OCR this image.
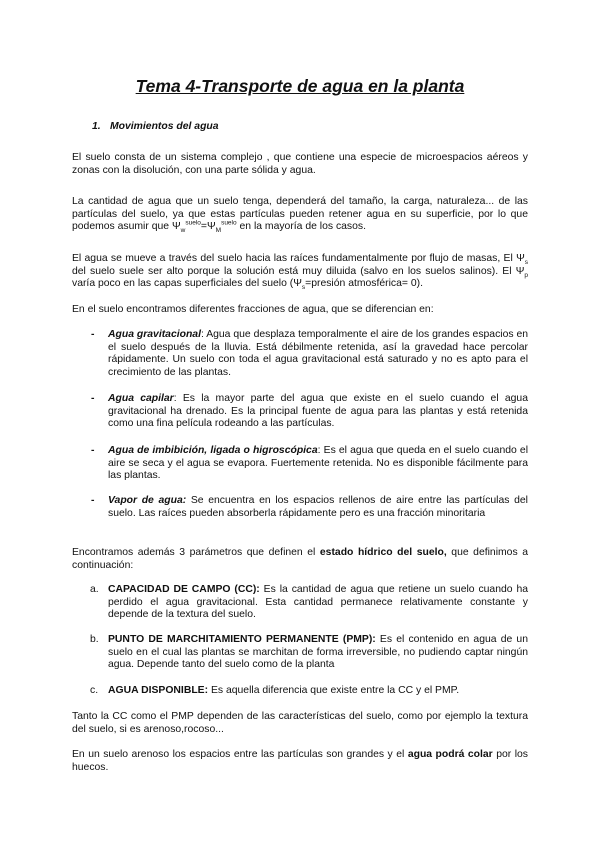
Tema 4-Transporte de agua en la planta
1. Movimientos del agua
El suelo consta de un sistema complejo , que contiene una especie de microespacios aéreos y zonas con la disolución, con una parte sólida y agua.
La cantidad de agua que un suelo tenga, dependerá del tamaño, la carga, naturaleza... de las partículas del suelo, ya que estas partículas pueden retener agua en su superficie, por lo que podemos asumir que $\Psi_w^{suelo}=\Psi_M^{suelo}$ en la mayoría de los casos.
El agua se mueve a través del suelo hacia las raíces fundamentalmente por flujo de masas, El $\Psi_s$ del suelo suele ser alto porque la solución está muy diluida (salvo en los suelos salinos). El $\Psi_p$ varía poco en las capas superficiales del suelo ($\Psi_s=presión$ atmosférica= 0).
En el suelo encontramos diferentes fracciones de agua, que se diferencian en:
- Agua gravitacional: Agua que desplaza temporalmente el aire de los grandes espacios en el suelo después de la lluvia. Está débilmente retenida, así la gravedad hace percolar rápidamente. Un suelo con toda el agua gravitacional está saturado y no es apto para el crecimiento de las plantas.
- Agua capilar: Es la mayor parte del agua que existe en el suelo cuando el agua gravitacional ha drenado. Es la principal fuente de agua para las plantas y está retenida como una fina película rodeando a las partículas.
- Agua de imbibición, ligada o higroscópica: Es el agua que queda en el suelo cuando el aire se seca y el agua se evapora. Fuertemente retenida. No es disponible fácilmente para las plantas.
- Vapor de agua: Se encuentra en los espacios rellenos de aire entre las partículas del suelo. Las raíces pueden absorberla rápidamente pero es una fracción minoritaria
Encontramos además 3 parámetros que definen el estado hídrico del suelo, que definimos a continuación:
a. CAPACIDAD DE CAMPO (CC): Es la cantidad de agua que retiene un suelo cuando ha perdido el agua gravitacional. Esta cantidad permanece relativamente constante y depende de la textura del suelo.
b. PUNTO DE MARCHITAMIENTO PERMANENTE (PMP): Es el contenido en agua de un suelo en el cual las plantas se marchitan de forma irreversible, no pudiendo captar ningún agua. Depende tanto del suelo como de la planta
c. AGUA DISPONIBLE: Es aquella diferencia que existe entre la CC y el PMP.
Tanto la CC como el PMP dependen de las características del suelo, como por ejemplo la textura del suelo, si es arenoso,rocoso...
En un suelo arenoso los espacios entre las partículas son grandes y el agua podrá colar por los huecos.
